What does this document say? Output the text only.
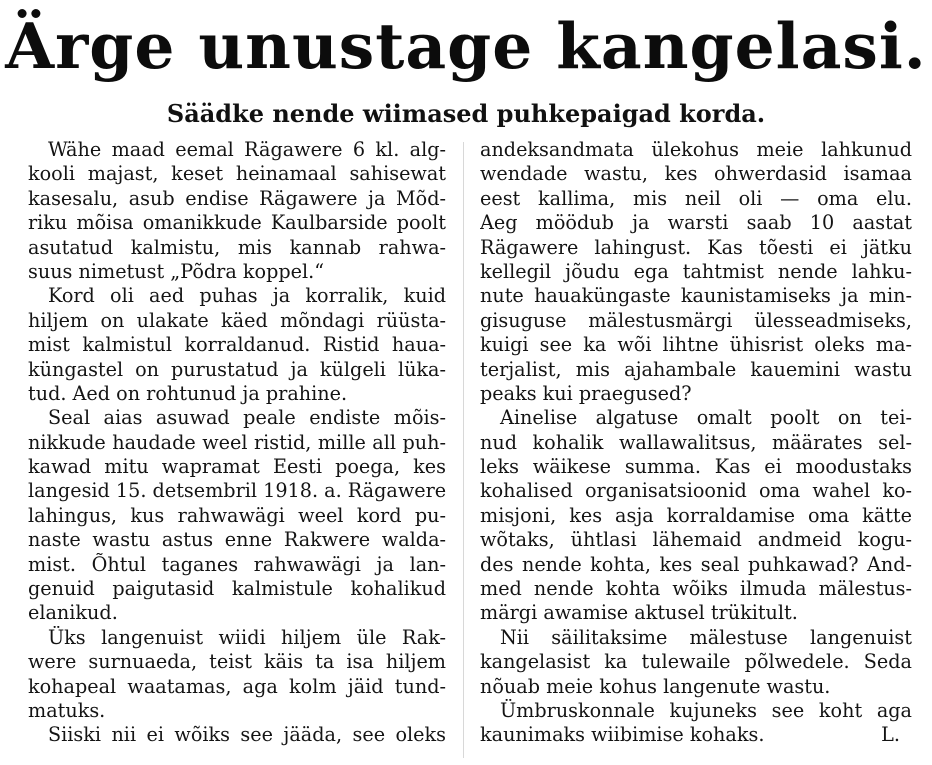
Ärge unustage kangelasi.
Säädke nende wiimased puhkepaigad korda.
Wähe maad eemal Rägawere 6 kl. alg-
kooli majast, keset heinamaal sahisewat
kasesalu, asub endise Rägawere ja Mõd-
riku mõisa omanikkude Kaulbarside poolt
asutatud kalmistu, mis kannab rahwa-
suus nimetust „Põdra koppel.“
Kord oli aed puhas ja korralik, kuid
hiljem on ulakate käed mõndagi rüüsta-
mist kalmistul korraldanud. Ristid haua-
küngastel on purustatud ja külgeli lüka-
tud. Aed on rohtunud ja prahine.
Seal aias asuwad peale endiste mõis-
nikkude haudade weel ristid, mille all puh-
kawad mitu wapramat Eesti poega, kes
langesid 15. detsembril 1918. a. Rägawere
lahingus, kus rahwawägi weel kord pu-
naste wastu astus enne Rakwere walda-
mist. Õhtul taganes rahwawägi ja lan-
genuid paigutasid kalmistule kohalikud
elanikud.
Üks langenuist wiidi hiljem üle Rak-
were surnuaeda, teist käis ta isa hiljem
kohapeal waatamas, aga kolm jäid tund-
matuks.
Siiski nii ei wõiks see jääda, see oleks
andeksandmata ülekohus meie lahkunud
wendade wastu, kes ohwerdasid isamaa
eest kallima, mis neil oli — oma elu.
Aeg möödub ja warsti saab 10 aastat
Rägawere lahingust. Kas tõesti ei jätku
kellegil jõudu ega tahtmist nende lahku-
nute hauaküngaste kaunistamiseks ja min-
gisuguse mälestusmärgi ülesseadmiseks,
kuigi see ka wõi lihtne ühisrist oleks ma-
terjalist, mis ajahambale kauemini wastu
peaks kui praegused?
Ainelise algatuse omalt poolt on tei-
nud kohalik wallawalitsus, määrates sel-
leks wäikese summa. Kas ei moodustaks
kohalised organisatsioonid oma wahel ko-
misjoni, kes asja korraldamise oma kätte
wõtaks, ühtlasi lähemaid andmeid kogu-
des nende kohta, kes seal puhkawad? And-
med nende kohta wõiks ilmuda mälestus-
märgi awamise aktusel trükitult.
Nii säilitaksime mälestuse langenuist
kangelasist ka tulewaile põlwedele. Seda
nõuab meie kohus langenute wastu.
Ümbruskonnale kujuneks see koht aga
kaunimaks wiibimise kohaks.	L.
